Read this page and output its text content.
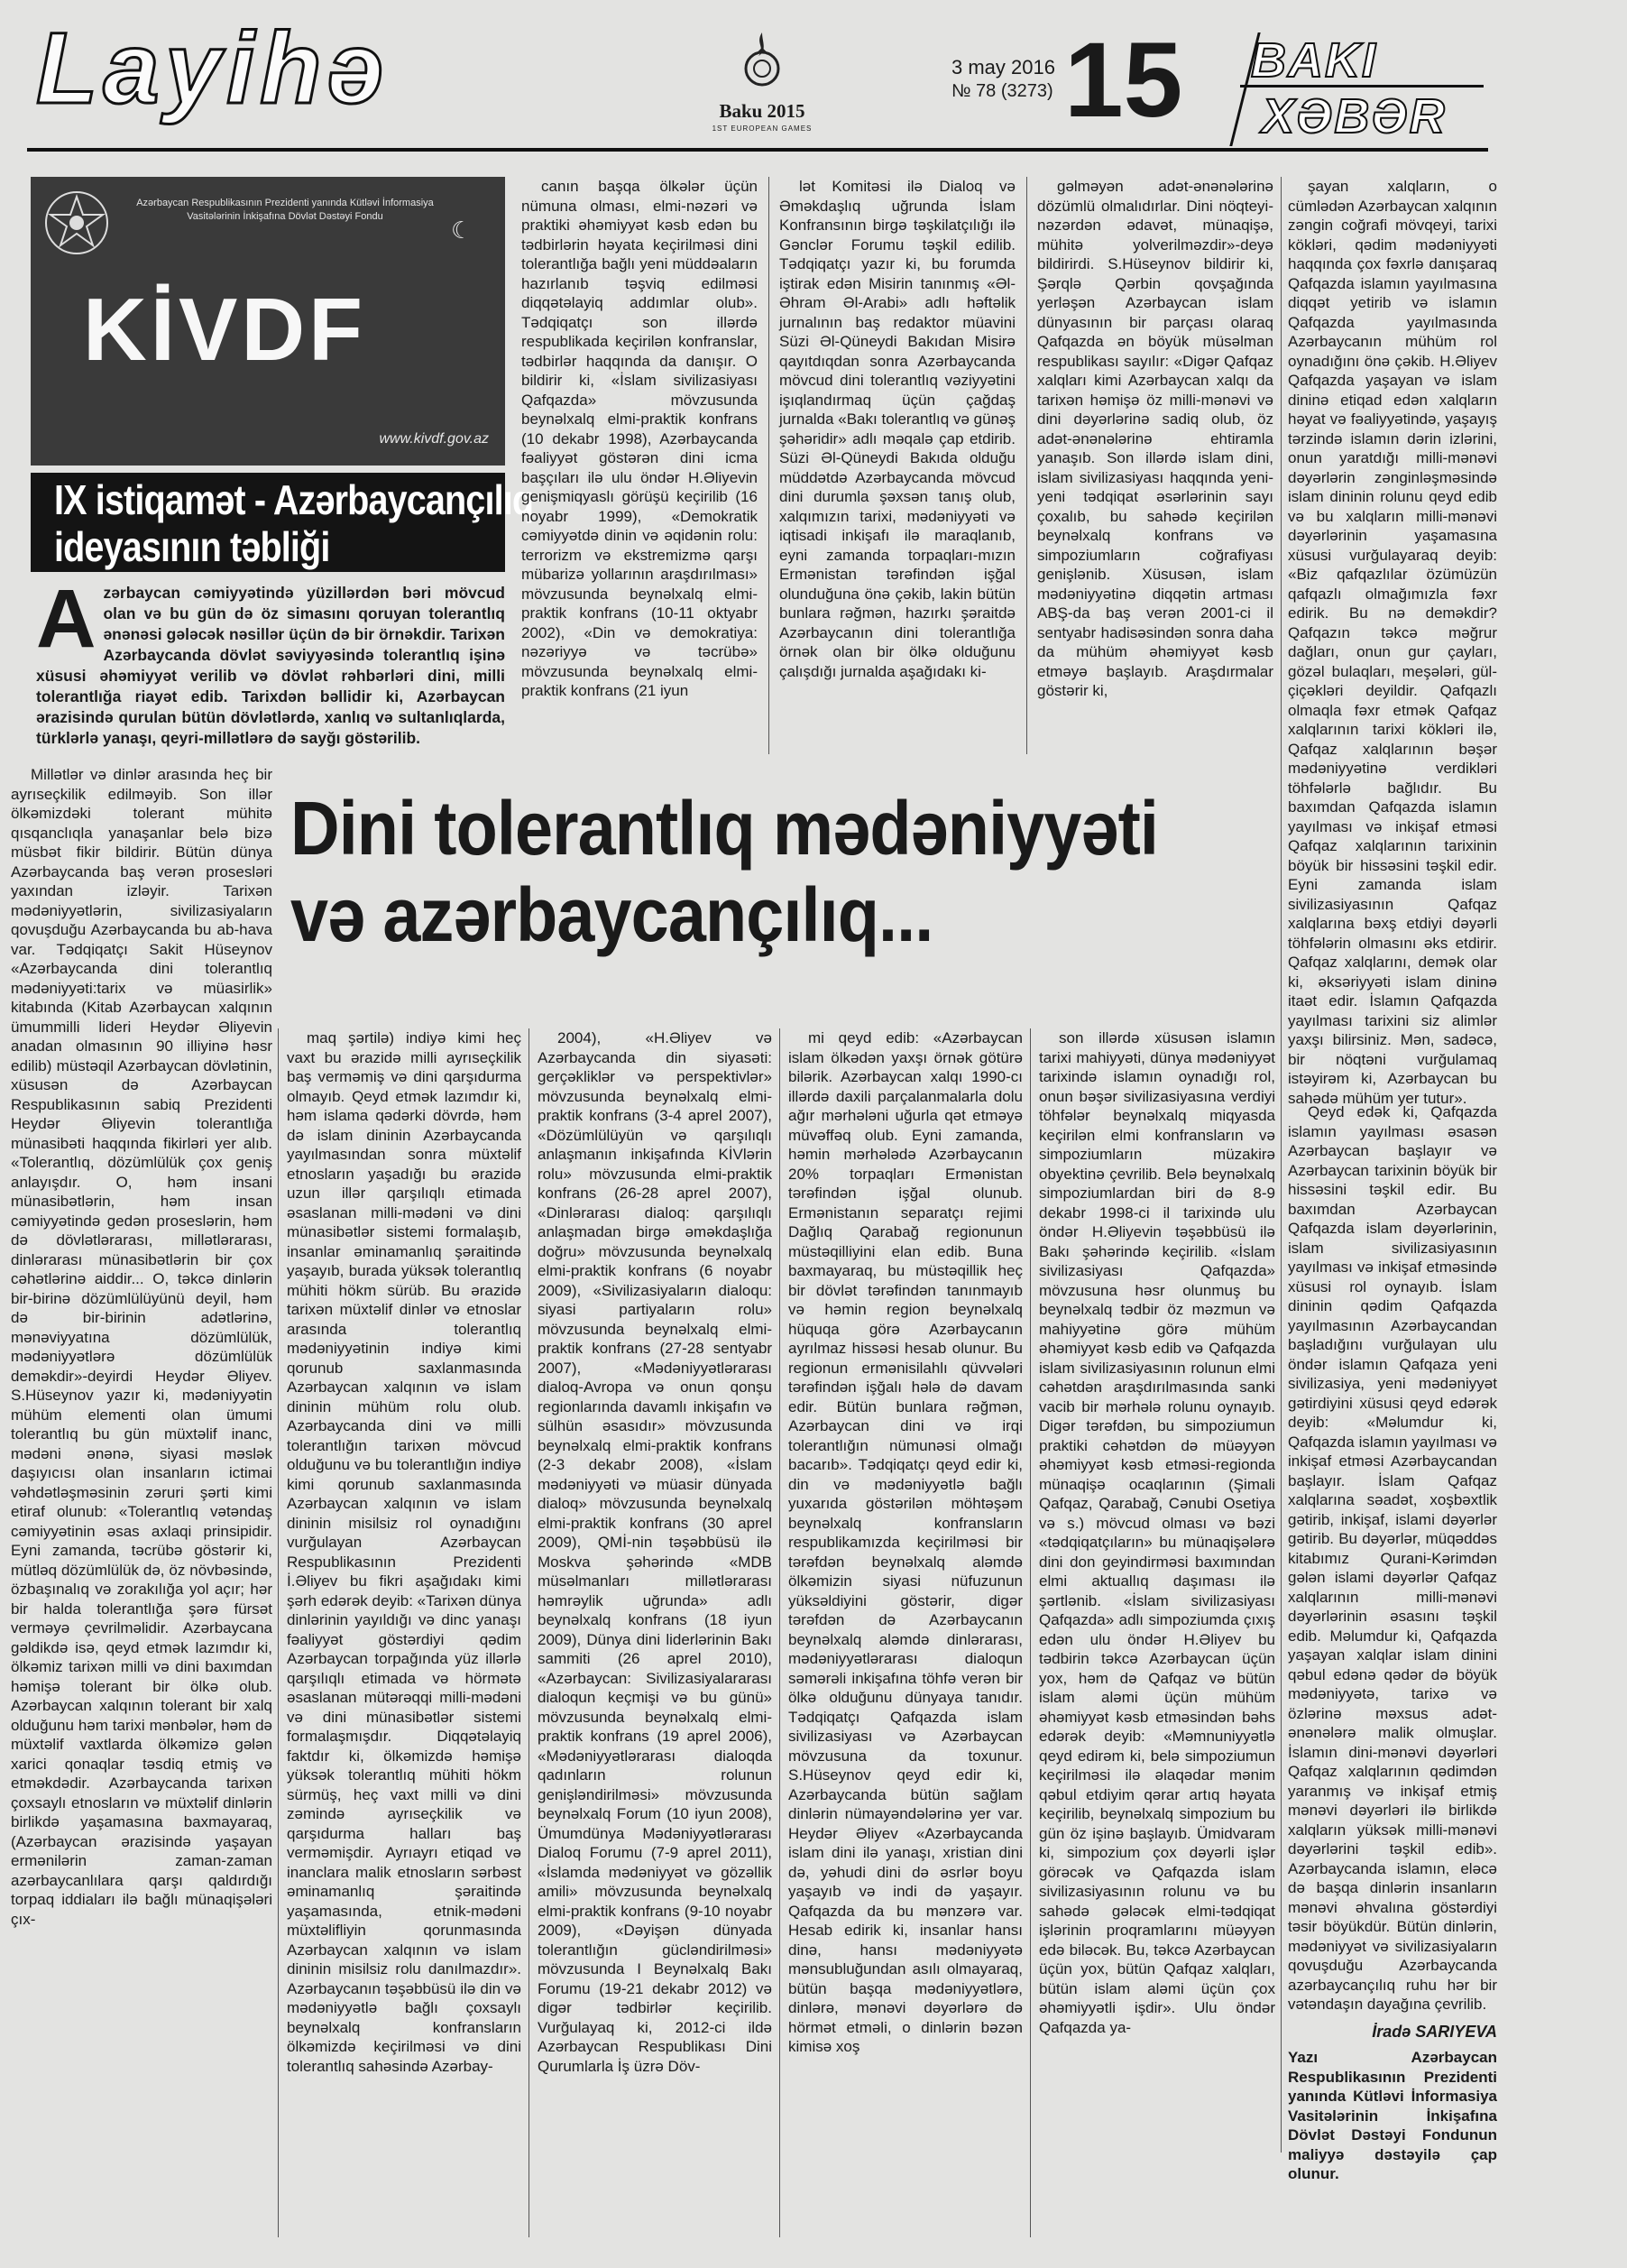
Layihə	Baku 2015
1ST EUROPEAN GAMES
3 may 2016
№ 78 (3273) 15 BAKI
XƏBƏR
Azərbaycan Respublikasının Prezidenti yanında Kütləvi İnformasiya Vasitələrinin İnkişafına Dövlət Dəstəyi Fondu	☾
KİVDF
www.kivdf.gov.az
IX istiqamət - Azərbaycançılıq
ideyasının təbliği
Azərbaycan cəmiyyətində yüzillərdən bəri mövcud olan və bu gün də öz simasını qoruyan tolerantlıq ənənəsi gələcək nəsillər üçün də bir örnəkdir. Tarixən Azərbaycanda dövlət səviyyəsində tolerantlıq işinə xüsusi əhəmiyyət verilib və dövlət rəhbərləri dini, milli tolerantlığa riayət edib. Tarixdən bəllidir ki, Azərbaycan ərazisində qurulan bütün dövlətlərdə, xanlıq və sultanlıqlarda, türklərlə yanaşı, qeyri-millətlərə də sayğı göstərilib.

canın başqa ölkələr üçün nümuna olması, elmi-nəzəri və praktiki əhəmiyyət kəsb edən bu tədbirlərin həyata keçirilməsi dini tolerantlığa bağlı yeni müddəaların hazırlanıb təşviq edilməsi diqqətəlayiq addımlar olub». Tədqiqatçı son illərdə respublikada keçirilən konfranslar, tədbirlər haqqında da danışır. O bildirir ki, «İslam sivilizasiyası Qafqazda» mövzusunda beynəlxalq elmi-praktik konfrans (10 dekabr 1998), Azərbaycanda fəaliyyət göstərən dini icma başçıları ilə ulu öndər H.Əliyevin genişmiqyaslı görüşü keçirilib (16 noyabr 1999), «Demokratik cəmiyyətdə dinin və əqidənin rolu: terrorizm və ekstremizmə qarşı mübarizə yollarının araşdırılması» mövzusunda beynəlxalq elmi-praktik konfrans (10-11 oktyabr 2002), «Din və demokratiya: nəzəriyyə və təcrübə» mövzusunda beynəlxalq elmi-praktik konfrans (21 iyun

lət Komitəsi ilə Dialoq və Əməkdaşlıq uğrunda İslam Konfransının birgə təşkilatçılığı ilə Gənclər Forumu təşkil edilib. Tədqiqatçı yazır ki, bu forumda iştirak edən Misirin tanınmış «Əl-Əhram Əl-Arabi» adlı həftəlik jurnalının baş redaktor müavini Süzi Əl-Qüneydi Bakıdan Misirə qayıtdıqdan sonra Azərbaycanda mövcud dini tolerantlıq vəziyyətini işıqlandırmaq üçün çağdaş jurnalda «Bakı tolerantlıq və günəş şəhəridir» adlı məqalə çap etdirib. Süzi Əl-Qüneydi Bakıda olduğu müddətdə Azərbaycanda mövcud dini durumla şəxsən tanış olub, xalqımızın tarixi, mədəniyyəti və iqtisadi inkişafı ilə maraqlanıb, eyni zamanda torpaqları-mızın Ermənistan tərəfindən işğal olunduğuna önə çəkib, lakin bütün bunlara rəğmən, hazırkı şəraitdə Azərbaycanın dini tolerantlığa örnək olan bir ölkə olduğunu çalışdığı jurnalda aşağıdakı ki-

gəlməyən adət-ənənələrinə dözümlü olmalıdırlar. Dini nöqteyi-nəzərdən ədavət, münaqişə, mühitə yolverilməzdir»-deyə bildirirdi. S.Hüseynov bildirir ki, Şərqlə Qərbin qovşağında yerləşən Azərbaycan islam dünyasının bir parçası olaraq Qafqazda ən böyük müsəlman respublikası sayılır: «Digər Qafqaz xalqları kimi Azərbaycan xalqı da tarixən həmişə öz milli-mənəvi və dini dəyərlərinə sadiq olub, öz adət-ənənələrinə ehtiramla yanaşıb. Son illərdə islam dini, islam sivilizasiyası haqqında yeni-yeni tədqiqat əsərlərinin sayı çoxalıb, bu sahədə keçirilən beynəlxalq konfrans və simpoziumların coğrafiyası genişlənib. Xüsusən, islam mədəniyyətinə diqqətin artması ABŞ-da baş verən 2001-ci il sentyabr hadisəsindən sonra daha da mühüm əhəmiyyət kəsb etməyə başlayıb. Araşdırmalar göstərir ki,

şayan xalqların, o cümlədən Azərbaycan xalqının zəngin coğrafi mövqeyi, tarixi kökləri, qədim mədəniyyəti haqqında çox fəxrlə danışaraq Qafqazda islamın yayılmasına diqqət yetirib və islamın Qafqazda yayılmasında Azərbaycanın mühüm rol oynadığını önə çəkib. H.Əliyev Qafqazda yaşayan və islam dininə etiqad edən xalqların həyat və fəaliyyətində, yaşayış tərzində islamın dərin izlərini, onun yaratdığı milli-mənəvi dəyərlərin zənginləşməsində islam dininin rolunu qeyd edib və bu xalqların milli-mənəvi dəyərlərinin yaşamasına xüsusi vurğulayaraq deyib: «Biz qafqazlılar özümüzün qafqazlı olmağımızla fəxr edirik. Bu nə deməkdir? Qafqazın təkcə məğrur dağları, onun gur çayları, gözəl bulaqları, meşələri, gül-çiçəkləri deyildir. Qafqazlı olmaqla fəxr etmək Qafqaz xalqlarının tarixi kökləri ilə, Qafqaz xalqlarının bəşər mədəniyyətinə verdikləri töhfələrlə bağlıdır. Bu baxımdan Qafqazda islamın yayılması və inkişaf etməsi Qafqaz xalqlarının tarixinin böyük bir hissəsini təşkil edir. Eyni zamanda islam sivilizasiyasının Qafqaz xalqlarına bəxş etdiyi dəyərli töhfələrin olmasını əks etdirir. Qafqaz xalqlarını, demək olar ki, əksəriyyəti islam dininə itaət edir. İslamın Qafqazda yayılması tarixini siz alimlər yaxşı bilirsiniz. Mən, sadəcə, bir nöqtəni vurğulamaq istəyirəm ki, Azərbaycan bu sahədə mühüm yer tutur».

Dini tolerantlıq mədəniyyəti
və azərbaycançılıq...

Millətlər və dinlər arasında heç bir ayrıseçkilik edilməyib. Son illər ölkəmizdəki tolerant mühitə qısqanclıqla yanaşanlar belə bizə müsbət fikir bildirir. Bütün dünya Azərbaycanda baş verən prosesləri yaxından izləyir. Tarixən mədəniyyətlərin, sivilizasiyaların qovuşduğu Azərbaycanda bu ab-hava var. Tədqiqatçı Sakit Hüseynov «Azərbaycanda dini tolerantlıq mədəniyyəti:tarix və müasirlik» kitabında (Kitab Azərbaycan xalqının ümummilli lideri Heydər Əliyevin anadan olmasının 90 illiyinə həsr edilib) müstəqil Azərbaycan dövlətinin, xüsusən də Azərbaycan Respublikasının sabiq Prezidenti Heydər Əliyevin tolerantlığa münasibəti haqqında fikirləri yer alıb. «Tolerantlıq, dözümlülük çox geniş anlayışdır. O, həm insani münasibətlərin, həm insan cəmiyyətində gedən proseslərin, həm də dövlətlərarası, millətlərarası, dinlərarası münasibətlərin bir çox cəhətlərinə aiddir... O, təkcə dinlərin bir-birinə dözümlülüyünü deyil, həm də bir-birinin adətlərinə, mənəviyyatına dözümlülük, mədəniyyətlərə dözümlülük deməkdir»-deyirdi Heydər Əliyev. S.Hüseynov yazır ki, mədəniyyətin mühüm elementi olan ümumi tolerantlıq bu gün müxtəlif inanc, mədəni ənənə, siyasi məslək daşıyıcısı olan insanların ictimai vəhdətləşməsinin zəruri şərti kimi etiraf olunub: «Tolerantlıq vətəndaş cəmiyyətinin əsas axlaqi prinsipidir. Eyni zamanda, təcrübə göstərir ki, mütləq dözümlülük də, öz növbəsində, özbaşınalıq və zorakılığa yol açır; hər bir halda tolerantlığa şərə fürsət verməyə çevrilməlidir. Azərbaycana gəldikdə isə, qeyd etmək lazımdır ki, ölkəmiz tarixən milli və dini baxımdan həmişə tolerant bir ölkə olub. Azərbaycan xalqının tolerant bir xalq olduğunu həm tarixi mənbələr, həm də müxtəlif vaxtlarda ölkəmizə gələn xarici qonaqlar təsdiq etmiş və etməkdədir. Azərbaycanda tarixən çoxsaylı etnosların və müxtəlif dinlərin birlikdə yaşamasına baxmayaraq, (Azərbaycan ərazisində yaşayan ermənilərin zaman-zaman azərbaycanlılara qarşı qaldırdığı torpaq iddiaları ilə bağlı münaqişələri çıx-

maq şərtilə) indiyə kimi heç vaxt bu ərazidə milli ayrıseçkilik baş verməmiş və dini qarşıdurma olmayıb. Qeyd etmək lazımdır ki, həm islama qədərki dövrdə, həm də islam dininin Azərbaycanda yayılmasından sonra müxtəlif etnosların yaşadığı bu ərazidə uzun illər qarşılıqlı etimada əsaslanan milli-mədəni və dini münasibətlər sistemi formalaşıb, insanlar əminamanlıq şəraitində yaşayıb, burada yüksək tolerantlıq mühiti hökm sürüb. Bu ərazidə tarixən müxtəlif dinlər və etnoslar arasında tolerantlıq mədəniyyətinin indiyə kimi qorunub saxlanmasında Azərbaycan xalqının və islam dininin mühüm rolu olub. Azərbaycanda dini və milli tolerantlığın tarixən mövcud olduğunu və bu tolerantlığın indiyə kimi qorunub saxlanmasında Azərbaycan xalqının və islam dininin misilsiz rol oynadığını vurğulayan Azərbaycan Respublikasının Prezidenti İ.Əliyev bu fikri aşağıdakı kimi şərh edərək deyib: «Tarixən dünya dinlərinin yayıldığı və dinc yanaşı fəaliyyət göstərdiyi qədim Azərbaycan torpağında yüz illərlə qarşılıqlı etimada və hörmətə əsaslanan mütərəqqi milli-mədəni və dini münasibətlər sistemi formalaşmışdır. Diqqətəlayiq faktdır ki, ölkəmizdə həmişə yüksək tolerantlıq mühiti hökm sürmüş, heç vaxt milli və dini zəmində ayrıseçkilik və qarşıdurma halları baş verməmişdir. Ayrıayrı etiqad və inanclara malik etnosların sərbəst əminamanlıq şəraitində yaşamasında, etnik-mədəni müxtəlifliyin qorunmasında Azərbaycan xalqının və islam dininin misilsiz rolu danılmazdır». Azərbaycanın təşəbbüsü ilə din və mədəniyyətlə bağlı çoxsaylı beynəlxalq konfransların ölkəmizdə keçirilməsi və dini tolerantlıq sahəsində Azərbay-

2004), «H.Əliyev və Azərbaycanda din siyasəti: gerçəkliklər və perspektivlər» mövzusunda beynəlxalq elmi-praktik konfrans (3-4 aprel 2007), «Dözümlülüyün və qarşılıqlı anlaşmanın inkişafında KİVlərin rolu» mövzusunda elmi-praktik konfrans (26-28 aprel 2007), «Dinlərarası dialoq: qarşılıqlı anlaşmadan birgə əməkdaşlığa doğru» mövzusunda beynəlxalq elmi-praktik konfrans (6 noyabr 2009), «Sivilizasiyaların dialoqu: siyasi partiyaların rolu» mövzusunda beynəlxalq elmi-praktik konfrans (27-28 sentyabr 2007), «Mədəniyyətlərarası dialoq-Avropa və onun qonşu regionlarında davamlı inkişafın və sülhün əsasıdır» mövzusunda beynəlxalq elmi-praktik konfrans (2-3 dekabr 2008), «İslam mədəniyyəti və müasir dünyada dialoq» mövzusunda beynəlxalq elmi-praktik konfrans (30 aprel 2009), QMİ-nin təşəbbüsü ilə Moskva şəhərində «MDB müsəlmanları millətlərarası həmrəylik uğrunda» adlı beynəlxalq konfrans (18 iyun 2009), Dünya dini liderlərinin Bakı sammiti (26 aprel 2010), «Azərbaycan: Sivilizasiyalararası dialoqun keçmişi və bu günü» mövzusunda beynəlxalq elmi-praktik konfrans (19 aprel 2006), «Mədəniyyətlərarası dialoqda qadınların rolunun genişləndirilməsi» mövzusunda beynəlxalq Forum (10 iyun 2008), Ümumdünya Mədəniyyətlərarası Dialoq Forumu (7-9 aprel 2011), «İslamda mədəniyyət və gözəllik amili» mövzusunda beynəlxalq elmi-praktik konfrans (9-10 noyabr 2009), «Dəyişən dünyada tolerantlığın gücləndirilməsi» mövzusunda I Beynəlxalq Bakı Forumu (19-21 dekabr 2012) və digər tədbirlər keçirilib. Vurğulayaq ki, 2012-ci ildə Azərbaycan Respublikası Dini Qurumlarla İş üzrə Döv-

mi qeyd edib: «Azərbaycan islam ölkədən yaxşı örnək götürə bilərik. Azərbaycan xalqı 1990-cı illərdə daxili parçalanmalarla dolu ağır mərhələni uğurla qət etməyə müvəffəq olub. Eyni zamanda, həmin mərhələdə Azərbaycanın 20% torpaqları Ermənistan tərəfindən işğal olunub. Ermənistanın separatçı rejimi Dağlıq Qarabağ regionunun müstəqilliyini elan edib. Buna baxmayaraq, bu müstəqillik heç bir dövlət tərəfindən tanınmayıb və həmin region beynəlxalq hüquqa görə Azərbaycanın ayrılmaz hissəsi hesab olunur. Bu regionun ermənisilahlı qüvvələri tərəfindən işğalı hələ də davam edir. Bütün bunlara rəğmən, Azərbaycan dini və irqi tolerantlığın nümunəsi olmağı bacarıb». Tədqiqatçı qeyd edir ki, din və mədəniyyətlə bağlı yuxarıda göstərilən möhtəşəm beynəlxalq konfransların respublikamızda keçirilməsi bir tərəfdən beynəlxalq aləmdə ölkəmizin siyasi nüfuzunun yüksəldiyini göstərir, digər tərəfdən də Azərbaycanın beynəlxalq aləmdə dinlərarası, mədəniyyətlərarası dialoqun səmərəli inkişafına töhfə verən bir ölkə olduğunu dünyaya tanıdır. Tədqiqatçı Qafqazda islam sivilizasiyası və Azərbaycan mövzusuna da toxunur. S.Hüseynov qeyd edir ki, Azərbaycanda bütün sağlam dinlərin nümayəndələrinə yer var. Heydər Əliyev «Azərbaycanda islam dini ilə yanaşı, xristian dini də, yəhudi dini də əsrlər boyu yaşayıb və indi də yaşayır. Qafqazda da bu mənzərə var. Hesab edirik ki, insanlar hansı dinə, hansı mədəniyyətə mənsubluğundan asılı olmayaraq, bütün başqa mədəniyyətlərə, dinlərə, mənəvi dəyərlərə də hörmət etməli, o dinlərin bəzən kimisə xoş

son illərdə xüsusən islamın tarixi mahiyyəti, dünya mədəniyyət tarixində islamın oynadığı rol, onun bəşər sivilizasiyasına verdiyi töhfələr beynəlxalq miqyasda keçirilən elmi konfransların və simpoziumların müzakirə obyektinə çevrilib. Belə beynəlxalq simpoziumlardan biri də 8-9 dekabr 1998-ci il tarixində ulu öndər H.Əliyevin təşəbbüsü ilə Bakı şəhərində keçirilib. «İslam sivilizasiyası Qafqazda» mövzusuna həsr olunmuş bu beynəlxalq tədbir öz məzmun və mahiyyətinə görə mühüm əhəmiyyət kəsb edib və Qafqazda islam sivilizasiyasının rolunun elmi cəhətdən araşdırılmasında sanki vacib bir mərhələ rolunu oynayıb. Digər tərəfdən, bu simpoziumun praktiki cəhətdən də müəyyən əhəmiyyət kəsb etməsi-regionda münaqişə ocaqlarının (Şimali Qafqaz, Qarabağ, Cənubi Osetiya və s.) mövcud olması və bəzi «tədqiqatçıların» bu münaqişələrə dini don geyindirməsi baxımından elmi aktuallıq daşıması ilə şərtlənib. «İslam sivilizasiyası Qafqazda» adlı simpoziumda çıxış edən ulu öndər H.Əliyev bu tədbirin təkcə Azərbaycan üçün yox, həm də Qafqaz və bütün islam aləmi üçün mühüm əhəmiyyət kəsb etməsindən bəhs edərək deyib: «Məmnuniyyətlə qeyd edirəm ki, belə simpoziumun keçirilməsi ilə əlaqədar mənim qəbul etdiyim qərar artıq həyata keçirilib, beynəlxalq simpozium bu gün öz işinə başlayıb. Ümidvaram ki, simpozium çox dəyərli işlər görəcək və Qafqazda islam sivilizasiyasının rolunu və bu sahədə gələcək elmi-tədqiqat işlərinin proqramlarını müəyyən edə biləcək. Bu, təkcə Azərbaycan üçün yox, bütün Qafqaz xalqları, bütün islam aləmi üçün çox əhəmiyyətli işdir». Ulu öndər Qafqazda ya-

Qeyd edək ki, Qafqazda islamın yayılması əsasən Azərbaycan başlayır və Azərbaycan tarixinin böyük bir hissəsini təşkil edir. Bu baxımdan Azərbaycan Qafqazda islam dəyərlərinin, islam sivilizasiyasının yayılması və inkişaf etməsində xüsusi rol oynayıb. İslam dininin qədim Qafqazda yayılmasının Azərbaycandan başladığını vurğulayan ulu öndər islamın Qafqaza yeni sivilizasiya, yeni mədəniyyət gətirdiyini xüsusi qeyd edərək deyib: «Məlumdur ki, Qafqazda islamın yayılması və inkişaf etməsi Azərbaycandan başlayır. İslam Qafqaz xalqlarına səadət, xoşbəxtlik gətirib, inkişaf, islami dəyərlər gətirib. Bu dəyərlər, müqəddəs kitabımız Qurani-Kərimdən gələn islami dəyərlər Qafqaz xalqlarının milli-mənəvi dəyərlərinin əsasını təşkil edib. Məlumdur ki, Qafqazda yaşayan xalqlar islam dinini qəbul edənə qədər də böyük mədəniyyətə, tarixə və özlərinə məxsus adət-ənənələrə malik olmuşlar. İslamın dini-mənəvi dəyərləri Qafqaz xalqlarının qədimdən yaranmış və inkişaf etmiş mənəvi dəyərləri ilə birlikdə xalqların yüksək milli-mənəvi dəyərlərini təşkil edib». Azərbaycanda islamın, eləcə də başqa dinlərin insanların mənəvi əhvalına göstərdiyi təsir böyükdür. Bütün dinlərin, mədəniyyət və sivilizasiyaların qovuşduğu Azərbaycanda azərbaycançılıq ruhu hər bir vətəndaşın dayağına çevrilib.

İradə SARIYEVA
Yazı Azərbaycan Respublikasının Prezidenti yanında Kütləvi İnformasiya Vasitələrinin İnkişafına Dövlət Dəstəyi Fondunun maliyyə dəstəyilə çap olunur.
